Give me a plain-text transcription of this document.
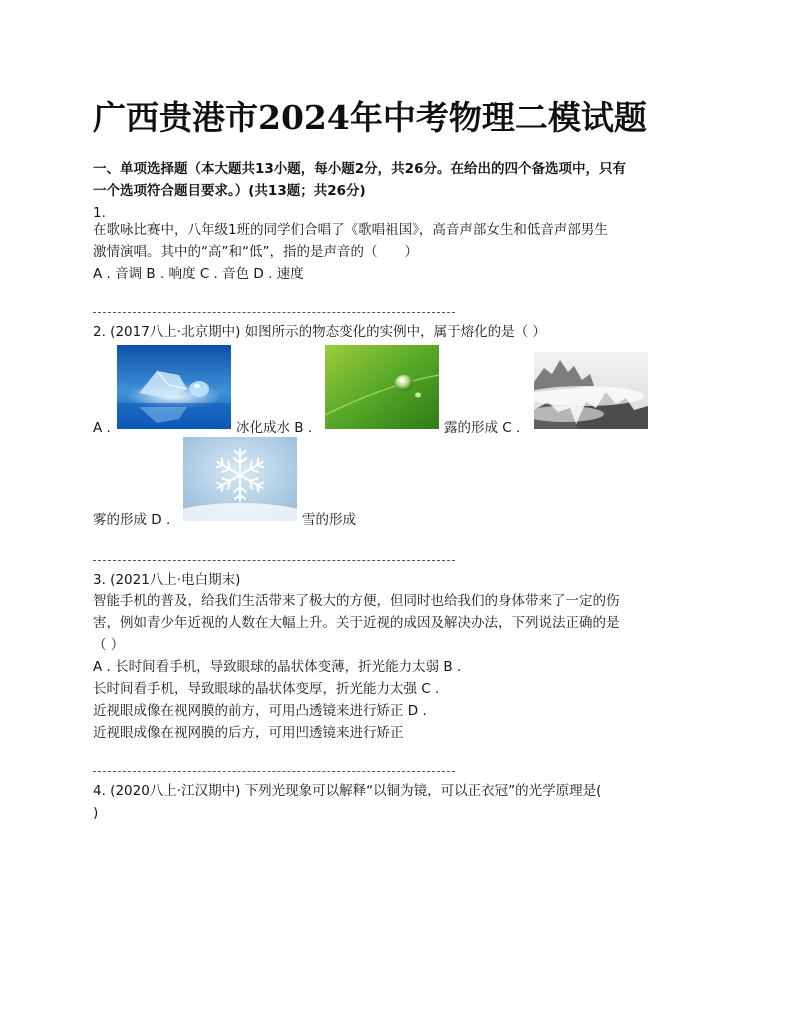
广西贵港市2024年中考物理二模试题
一、单项选择题（本大题共13小题，每小题2分，共26分。在给出的四个备选项中，只有
一个选项符合题目要求。）(共13题；共26分)
1.
在歌咏比赛中，八年级1班的同学们合唱了《歌唱祖国》，高音声部女生和低音声部男生
激情演唱。其中的“高”和“低”，指的是声音的（　　）
A . 音调 B . 响度 C . 音色 D . 速度
2. (2017八上·北京期中) 如图所示的物态变化的实例中，属于熔化的是（ ）
A .	冰化成水 B .	露的形成 C .
雾的形成 D .	雪的形成
3. (2021八上·电白期末)
智能手机的普及，给我们生活带来了极大的方便，但同时也给我们的身体带来了一定的伤
害，例如青少年近视的人数在大幅上升。关于近视的成因及解决办法，下列说法正确的是
（ ）
A . 长时间看手机，导致眼球的晶状体变薄，折光能力太弱 B .
长时间看手机，导致眼球的晶状体变厚，折光能力太强 C .
近视眼成像在视网膜的前方，可用凸透镜来进行矫正 D .
近视眼成像在视网膜的后方，可用凹透镜来进行矫正
4. (2020八上·江汉期中) 下列光现象可以解释“以铜为镜，可以正衣冠”的光学原理是(
)
